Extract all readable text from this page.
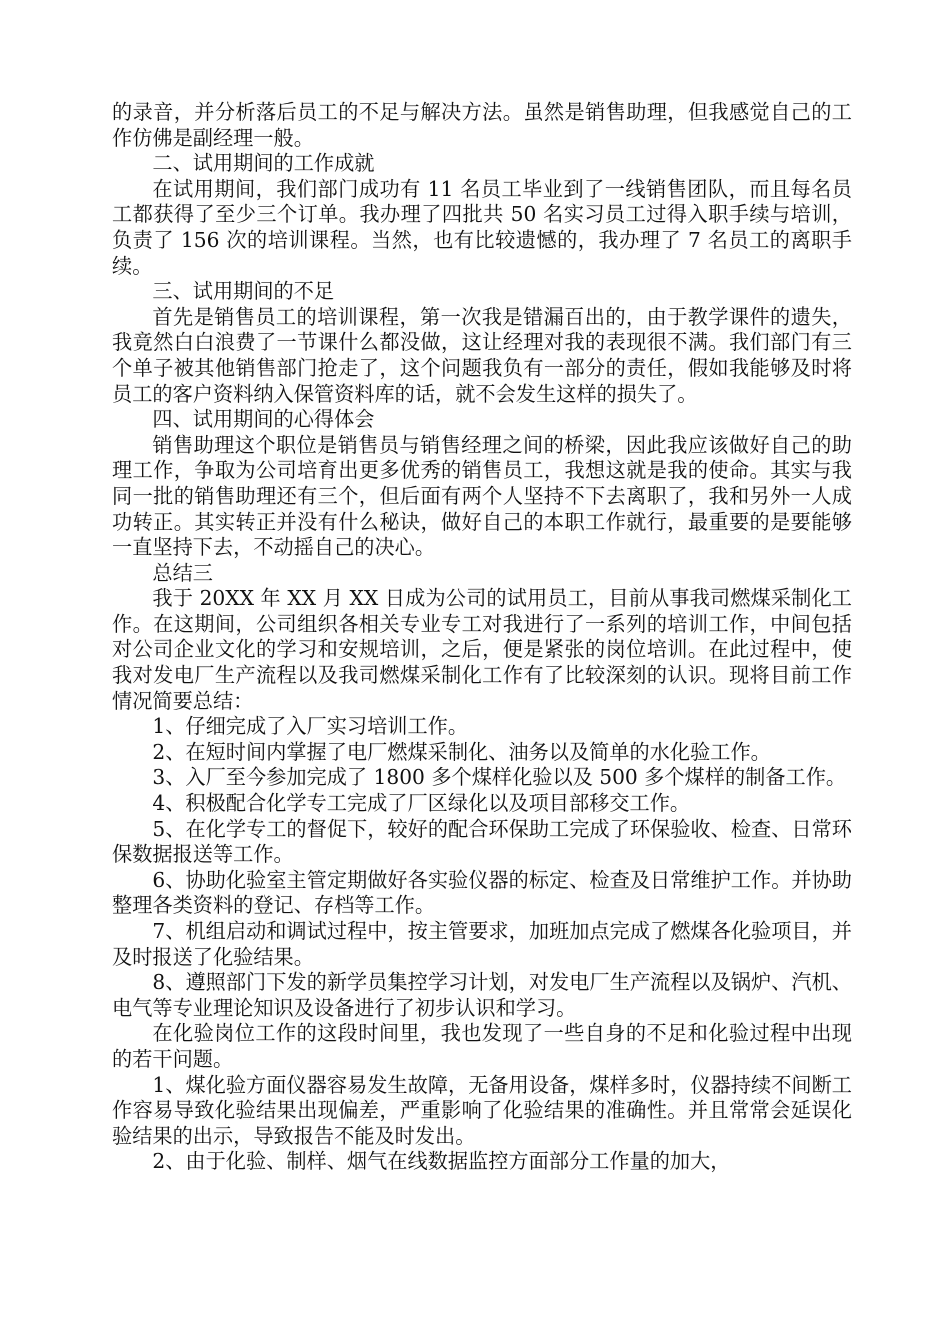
的录音，并分析落后员工的不足与解决方法。虽然是销售助理，但我感觉自己的工作仿佛是副经理一般。

二、试用期间的工作成就

在试用期间，我们部门成功有 11 名员工毕业到了一线销售团队，而且每名员工都获得了至少三个订单。我办理了四批共 50 名实习员工过得入职手续与培训，负责了 156 次的培训课程。当然，也有比较遗憾的，我办理了 7 名员工的离职手续。

三、试用期间的不足

首先是销售员工的培训课程，第一次我是错漏百出的，由于教学课件的遗失，我竟然白白浪费了一节课什么都没做，这让经理对我的表现很不满。我们部门有三个单子被其他销售部门抢走了，这个问题我负有一部分的责任，假如我能够及时将员工的客户资料纳入保管资料库的话，就不会发生这样的损失了。

四、试用期间的心得体会

销售助理这个职位是销售员与销售经理之间的桥梁，因此我应该做好自己的助理工作，争取为公司培育出更多优秀的销售员工，我想这就是我的使命。其实与我同一批的销售助理还有三个，但后面有两个人坚持不下去离职了，我和另外一人成功转正。其实转正并没有什么秘诀，做好自己的本职工作就行，最重要的是要能够一直坚持下去，不动摇自己的决心。

总结三

我于 20XX 年 XX 月 XX 日成为公司的试用员工，目前从事我司燃煤采制化工作。在这期间，公司组织各相关专业专工对我进行了一系列的培训工作，中间包括对公司企业文化的学习和安规培训，之后，便是紧张的岗位培训。在此过程中，使我对发电厂生产流程以及我司燃煤采制化工作有了比较深刻的认识。现将目前工作情况简要总结：

1、仔细完成了入厂实习培训工作。

2、在短时间内掌握了电厂燃煤采制化、油务以及简单的水化验工作。

3、入厂至今参加完成了 1800 多个煤样化验以及 500 多个煤样的制备工作。

4、积极配合化学专工完成了厂区绿化以及项目部移交工作。

5、在化学专工的督促下，较好的配合环保助工完成了环保验收、检查、日常环保数据报送等工作。

6、协助化验室主管定期做好各实验仪器的标定、检查及日常维护工作。并协助整理各类资料的登记、存档等工作。

7、机组启动和调试过程中，按主管要求，加班加点完成了燃煤各化验项目，并及时报送了化验结果。

8、遵照部门下发的新学员集控学习计划，对发电厂生产流程以及锅炉、汽机、电气等专业理论知识及设备进行了初步认识和学习。

在化验岗位工作的这段时间里，我也发现了一些自身的不足和化验过程中出现的若干问题。

1、煤化验方面仪器容易发生故障，无备用设备，煤样多时，仪器持续不间断工作容易导致化验结果出现偏差，严重影响了化验结果的准确性。并且常常会延误化验结果的出示，导致报告不能及时发出。

2、由于化验、制样、烟气在线数据监控方面部分工作量的加大，
